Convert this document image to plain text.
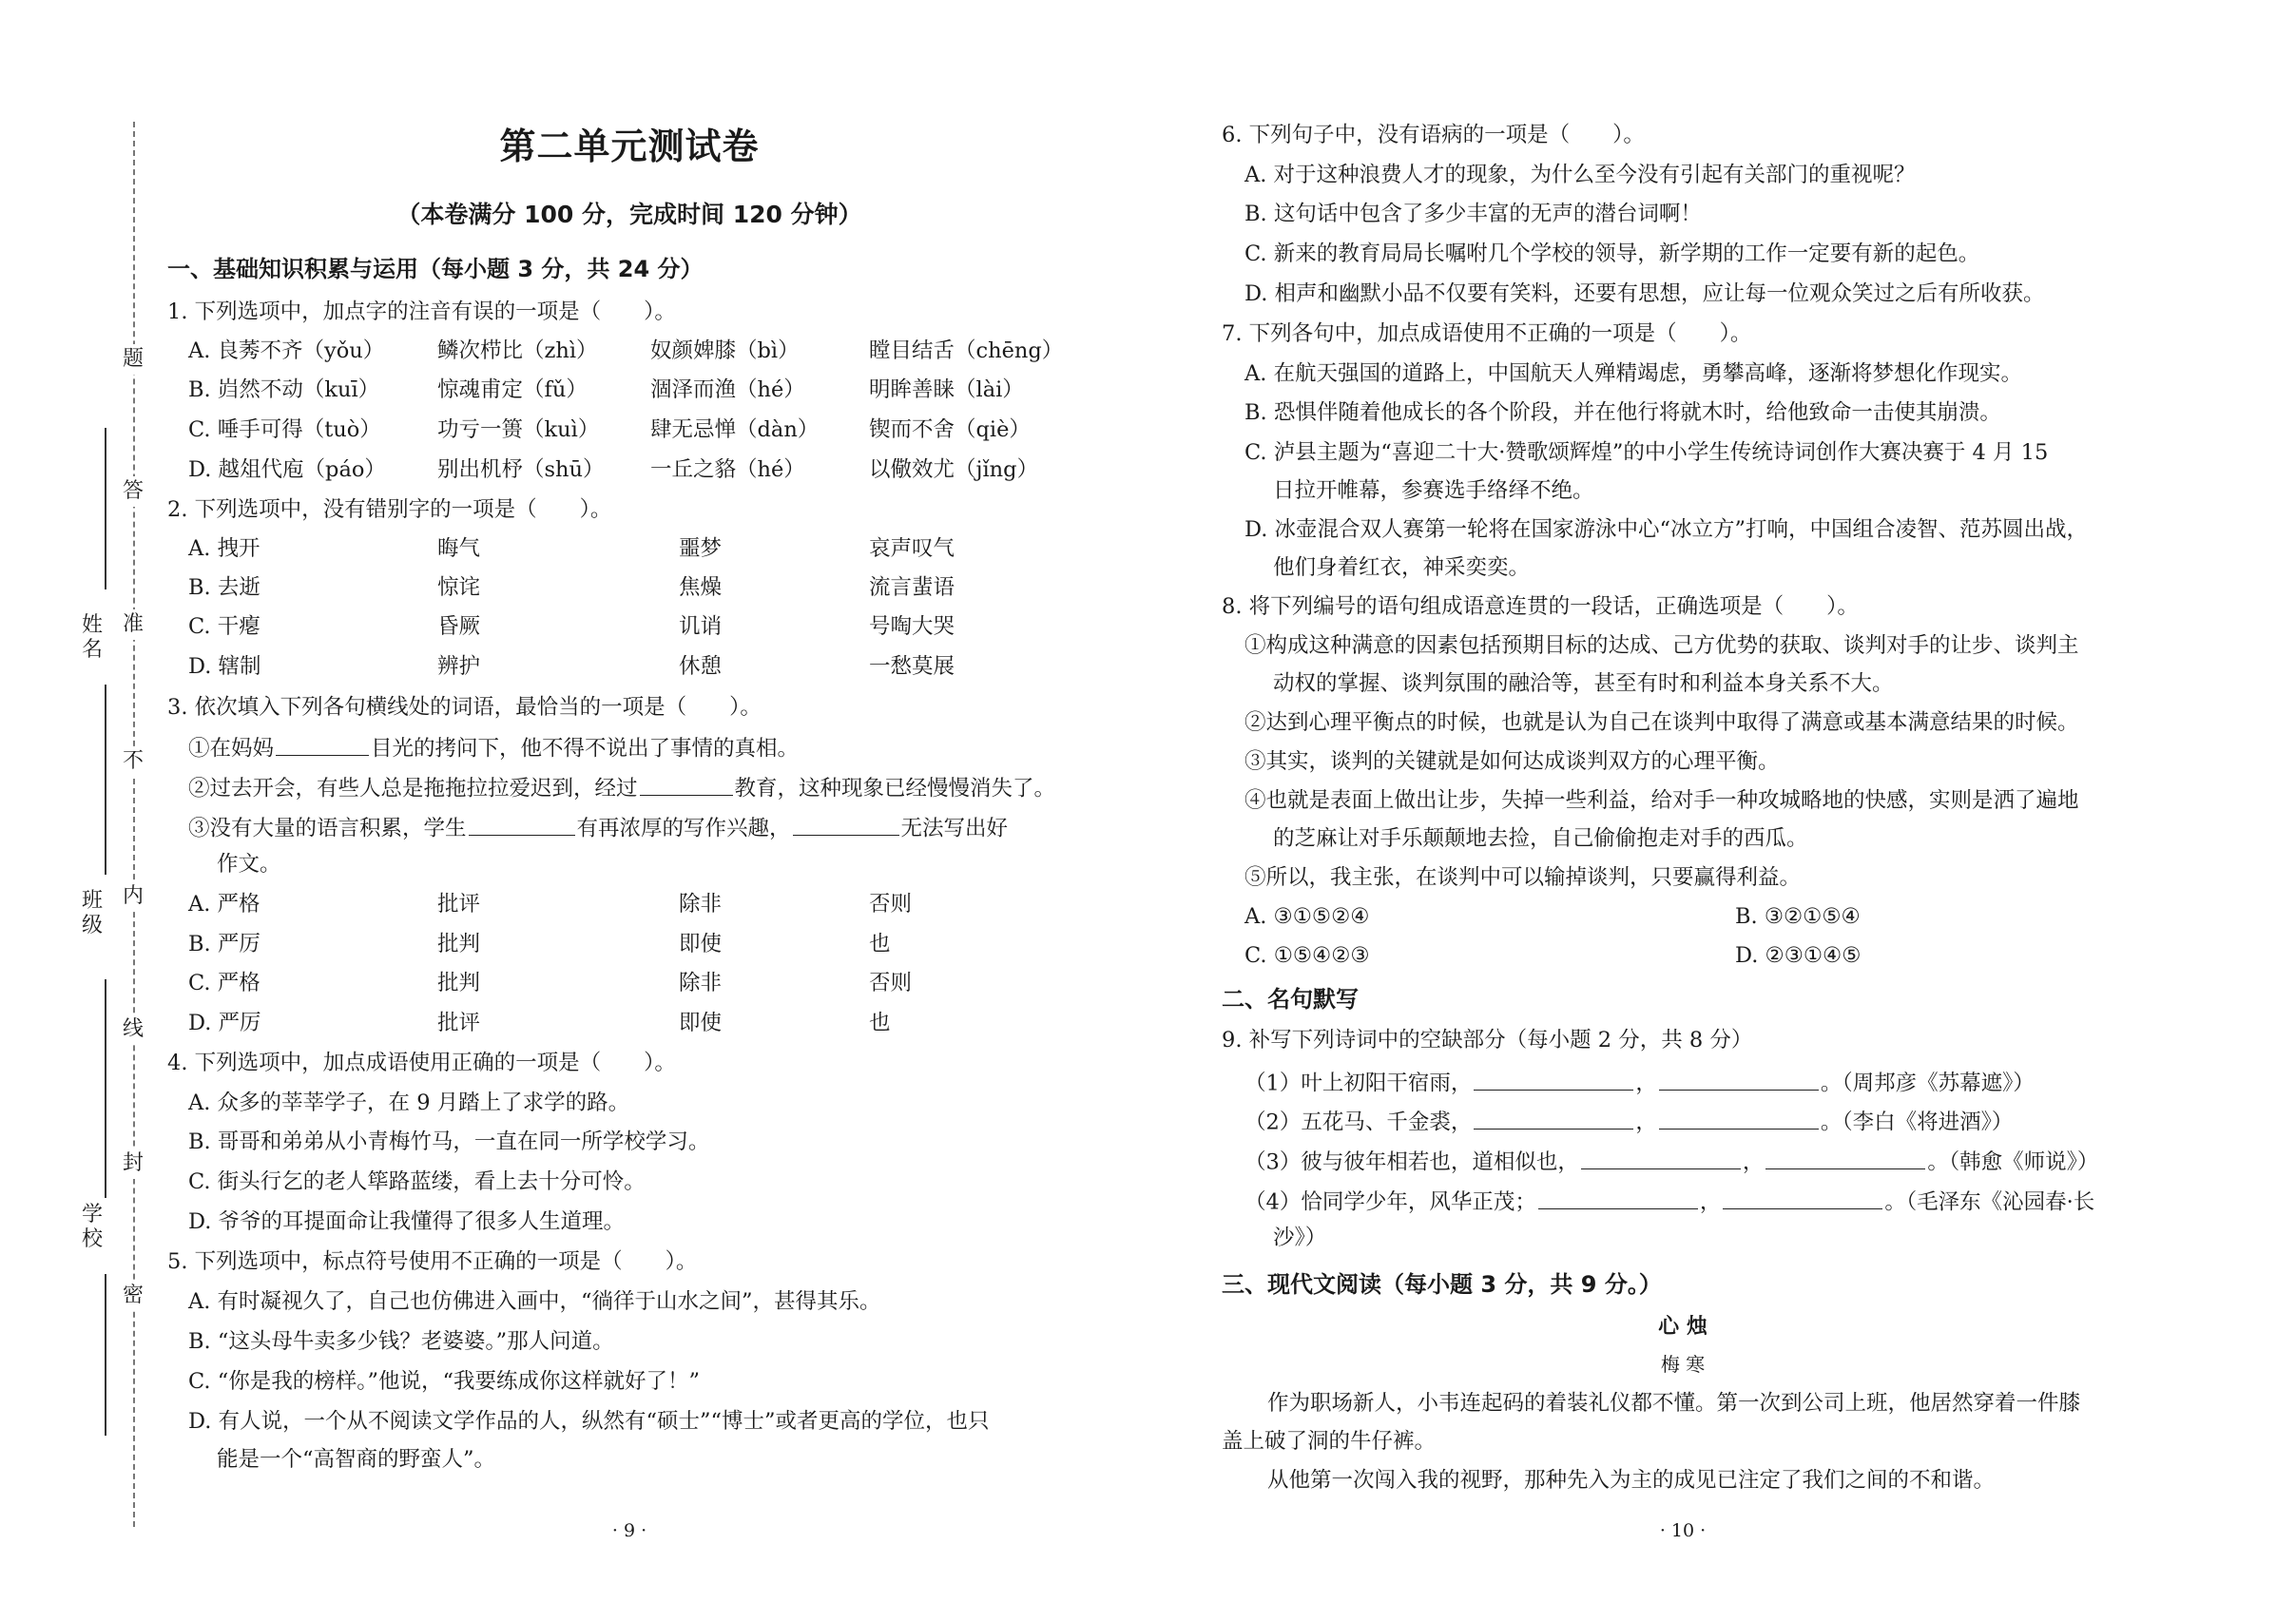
题
答
准
不
内
线
封
密
姓名
班级
学校
第二单元测试卷
（本卷满分 100 分，完成时间 120 分钟）
一、基础知识积累与运用（每小题 3 分，共 24 分）
1. 下列选项中，加点字的注音有误的一项是（　　）。
A. 良莠不齐（yǒu） 鳞次栉比（zhì） 奴颜婢膝（bì）	瞠目结舌（chēng）
B. 岿然不动（kuī）	惊魂甫定（fǔ）	涸泽而渔（hé）	明眸善睐（lài）
C. 唾手可得（tuò）	功亏一篑（kuì） 肆无忌惮（dàn） 锲而不舍（qiè）
D. 越俎代庖（páo） 别出机杼（shū） 一丘之貉（hé）	以儆效尤（jǐng）
2. 下列选项中，没有错别字的一项是（　　）。
A. 拽开	晦气	噩梦	哀声叹气
B. 去逝	惊诧	焦燥	流言蜚语
C. 干瘪	昏厥	讥诮	号啕大哭
D. 辖制	辨护	休憩	一愁莫展
3. 依次填入下列各句横线处的词语，最恰当的一项是（　　）。
①在妈妈	目光的拷问下，他不得不说出了事情的真相。
②过去开会，有些人总是拖拖拉拉爱迟到，经过	教育，这种现象已经慢慢消失了。
③没有大量的语言积累，学生	有再浓厚的写作兴趣，	无法写出好
作文。
A. 严格	批评	除非	否则
B. 严厉	批判	即使	也
C. 严格	批判	除非	否则
D. 严厉	批评	即使	也
4. 下列选项中，加点成语使用正确的一项是（　　）。
A. 众多的莘莘学子，在 9 月踏上了求学的路。
B. 哥哥和弟弟从小青梅竹马，一直在同一所学校学习。
C. 街头行乞的老人筚路蓝缕，看上去十分可怜。
D. 爷爷的耳提面命让我懂得了很多人生道理。
5. 下列选项中，标点符号使用不正确的一项是（　　）。
A. 有时凝视久了，自己也仿佛进入画中，“徜徉于山水之间”，甚得其乐。
B. “这头母牛卖多少钱？老婆婆。”那人问道。
C. “你是我的榜样。”他说，“我要练成你这样就好了！”
D. 有人说，一个从不阅读文学作品的人，纵然有“硕士”“博士”或者更高的学位，也只
能是一个“高智商的野蛮人”。
· 9 ·
6. 下列句子中，没有语病的一项是（　　）。
A. 对于这种浪费人才的现象，为什么至今没有引起有关部门的重视呢？
B. 这句话中包含了多少丰富的无声的潜台词啊！
C. 新来的教育局局长嘱咐几个学校的领导，新学期的工作一定要有新的起色。
D. 相声和幽默小品不仅要有笑料，还要有思想，应让每一位观众笑过之后有所收获。
7. 下列各句中，加点成语使用不正确的一项是（　　）。
A. 在航天强国的道路上，中国航天人殚精竭虑，勇攀高峰，逐渐将梦想化作现实。
B. 恐惧伴随着他成长的各个阶段，并在他行将就木时，给他致命一击使其崩溃。
C. 泸县主题为“喜迎二十大·赞歌颂辉煌”的中小学生传统诗词创作大赛决赛于 4 月 15
日拉开帷幕，参赛选手络绎不绝。
D. 冰壶混合双人赛第一轮将在国家游泳中心“冰立方”打响，中国组合凌智、范苏圆出战，
他们身着红衣，神采奕奕。
8. 将下列编号的语句组成语意连贯的一段话，正确选项是（　　）。
①构成这种满意的因素包括预期目标的达成、己方优势的获取、谈判对手的让步、谈判主
动权的掌握、谈判氛围的融洽等，甚至有时和利益本身关系不大。
②达到心理平衡点的时候，也就是认为自己在谈判中取得了满意或基本满意结果的时候。
③其实，谈判的关键就是如何达成谈判双方的心理平衡。
④也就是表面上做出让步，失掉一些利益，给对手一种攻城略地的快感，实则是洒了遍地
的芝麻让对手乐颠颠地去捡，自己偷偷抱走对手的西瓜。
⑤所以，我主张，在谈判中可以输掉谈判，只要赢得利益。
A. ③①⑤②④	B. ③②①⑤④
C. ①⑤④②③	D. ②③①④⑤
二、名句默写
9. 补写下列诗词中的空缺部分（每小题 2 分，共 8 分）
（1）叶上初阳干宿雨，	，	。（周邦彦《苏幕遮》）
（2）五花马、千金裘，	，	。（李白《将进酒》）
（3）彼与彼年相若也，道相似也，	，	。（韩愈《师说》）
（4）恰同学少年，风华正茂；	，	。（毛泽东《沁园春·长
沙》）
三、现代文阅读（每小题 3 分，共 9 分。）
心 烛
梅 寒
作为职场新人，小韦连起码的着装礼仪都不懂。第一次到公司上班，他居然穿着一件膝
盖上破了洞的牛仔裤。
从他第一次闯入我的视野，那种先入为主的成见已注定了我们之间的不和谐。
· 10 ·
